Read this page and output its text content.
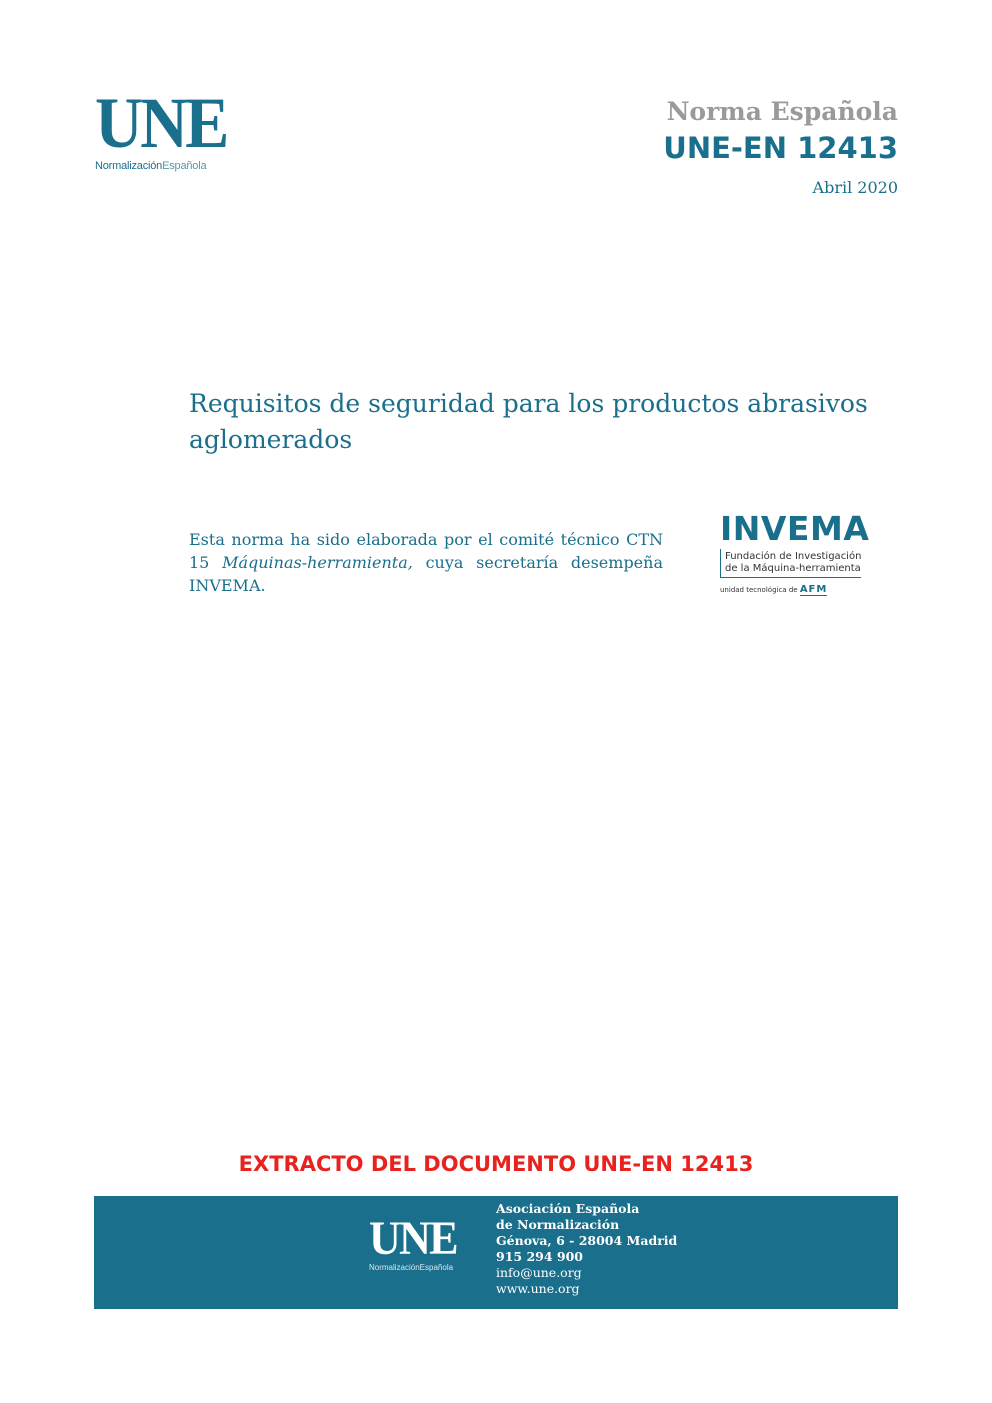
UNE
NormalizaciónEspañola
Norma Española
UNE-EN 12413
Abril 2020
Requisitos de seguridad para los productos abrasivos aglomerados
Esta norma ha sido elaborada por el comité técnico CTN 15 Máquinas-herramienta, cuya secretaría desempeña INVEMA.
INVEMA
Fundación de Investigación
de la Máquina-herramienta
unidad tecnológica de AFM
EXTRACTO DEL DOCUMENTO UNE-EN 12413
UNE
NormalizaciónEspañola
Asociación Española
de Normalización
Génova, 6 - 28004 Madrid
915 294 900
info@une.org
www.une.org
